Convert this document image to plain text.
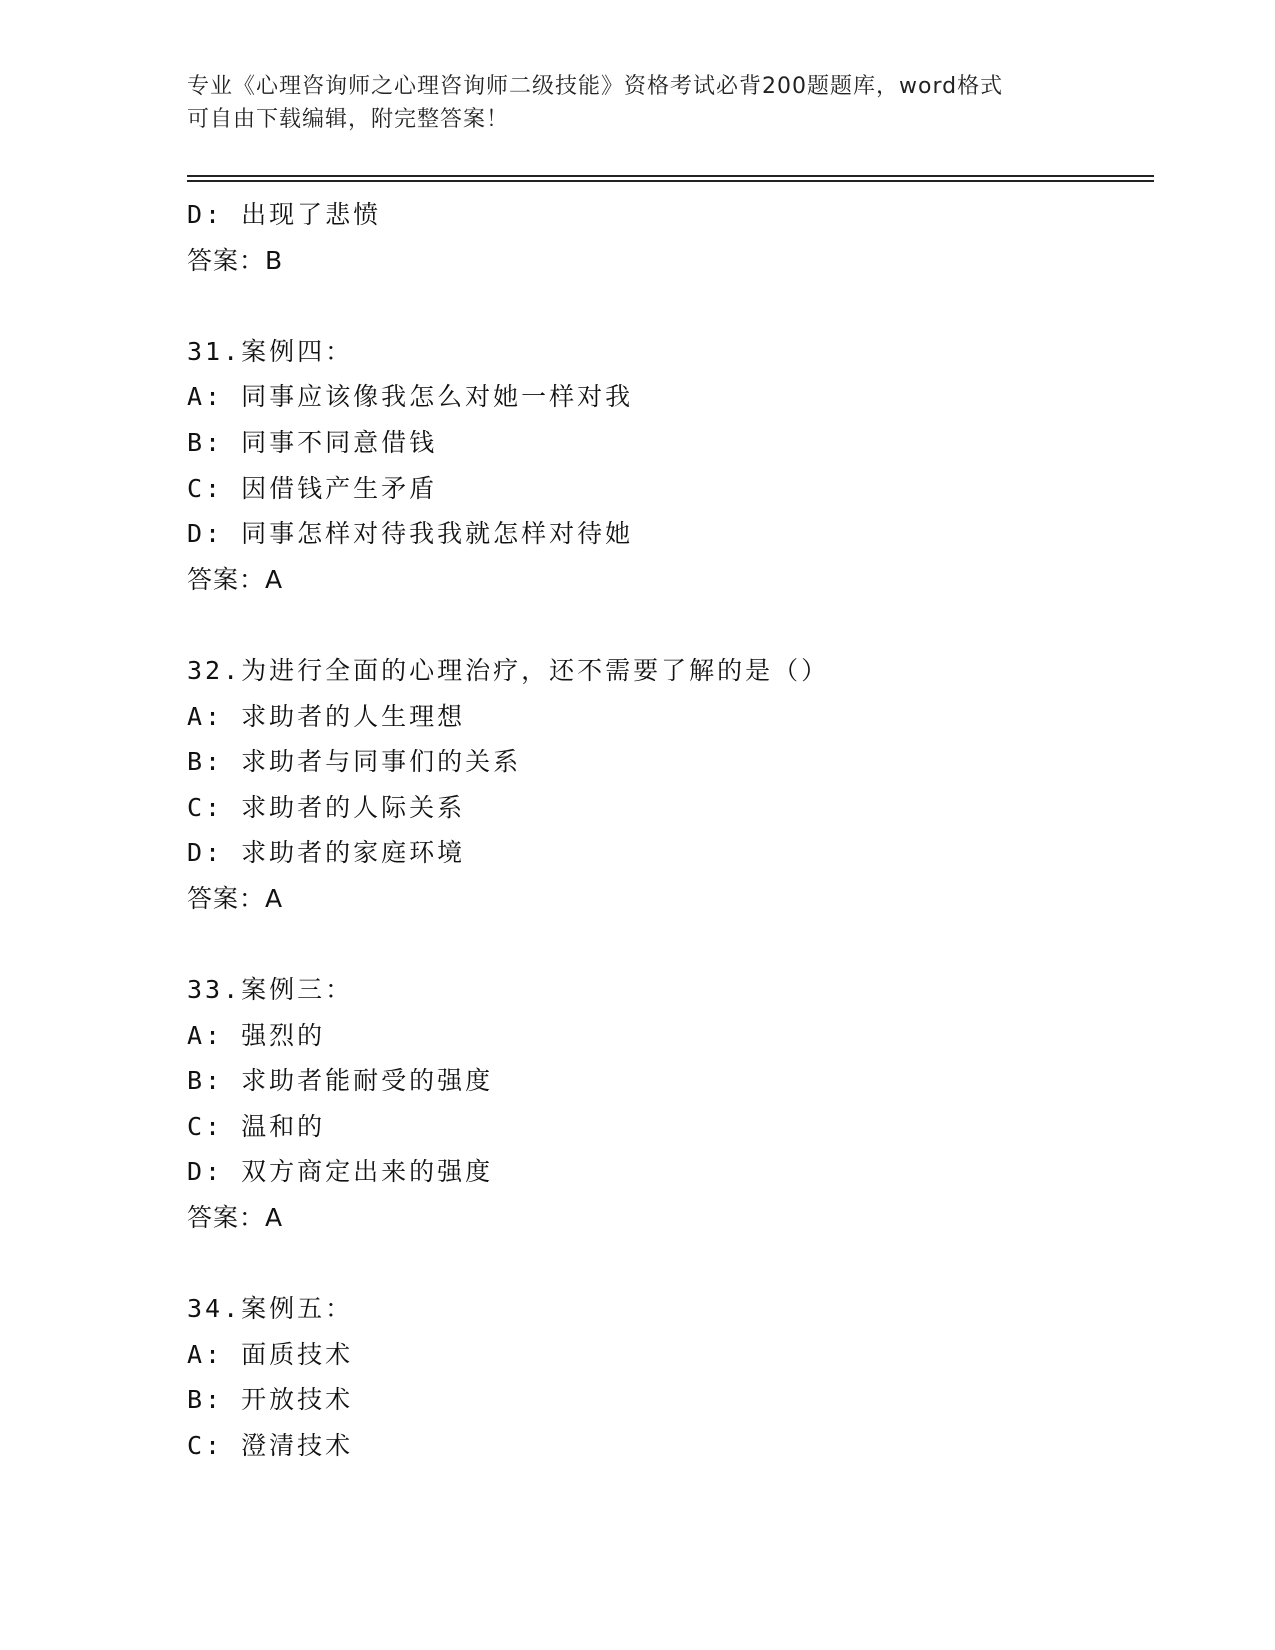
专业《心理咨询师之心理咨询师二级技能》资格考试必背200题题库，word格式
可自由下载编辑，附完整答案！
D: 出现了悲愤
答案：B
31.案例四：
A: 同事应该像我怎么对她一样对我
B: 同事不同意借钱
C: 因借钱产生矛盾
D: 同事怎样对待我我就怎样对待她
答案：A
32.为进行全面的心理治疗，还不需要了解的是（）
A: 求助者的人生理想
B: 求助者与同事们的关系
C: 求助者的人际关系
D: 求助者的家庭环境
答案：A
33.案例三：
A: 强烈的
B: 求助者能耐受的强度
C: 温和的
D: 双方商定出来的强度
答案：A
34.案例五：
A: 面质技术
B: 开放技术
C: 澄清技术
